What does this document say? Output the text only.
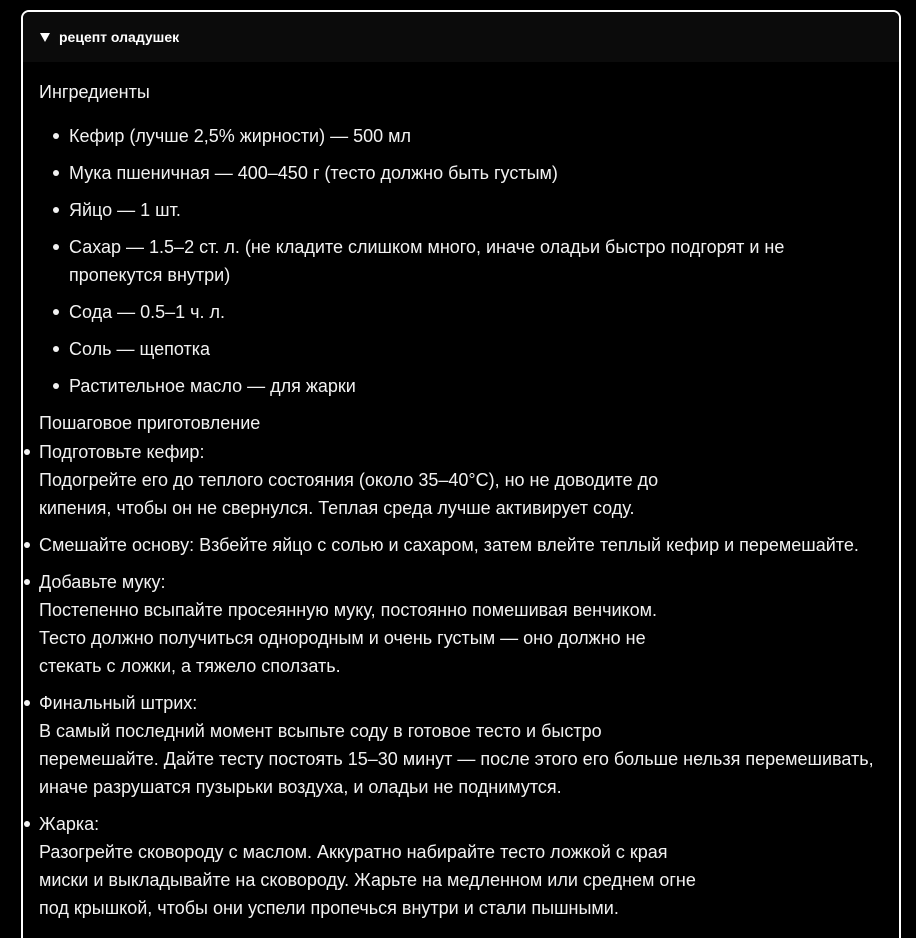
рецепт оладушек
Ингредиенты
Кефир (лучше 2,5% жирности) — 500 мл
Мука пшеничная — 400–450 г (тесто должно быть густым)
Яйцо — 1 шт.
Сахар — 1.5–2 ст. л. (не кладите слишком много, иначе оладьи быстро подгорят и не пропекутся внутри)
Сода — 0.5–1 ч. л.
Соль — щепотка
Растительное масло — для жарки
Пошаговое приготовление
Подготовьте кефир:
Подогрейте его до теплого состояния (около 35–40°C), но не доводите до
кипения, чтобы он не свернулся. Теплая среда лучше активирует соду.
Смешайте основу: Взбейте яйцо с солью и сахаром, затем влейте теплый кефир и перемешайте.
Добавьте муку:
Постепенно всыпайте просеянную муку, постоянно помешивая венчиком.
Тесто должно получиться однородным и очень густым — оно должно не
стекать с ложки, а тяжело сползать.
Финальный штрих:
В самый последний момент всыпьте соду в готовое тесто и быстро
перемешайте. Дайте тесту постоять 15–30 минут — после этого его больше нельзя перемешивать,
иначе разрушатся пузырьки воздуха, и оладьи не поднимутся.
Жарка:
Разогрейте сковороду с маслом. Аккуратно набирайте тесто ложкой с края
миски и выкладывайте на сковороду. Жарьте на медленном или среднем огне
под крышкой, чтобы они успели пропечься внутри и стали пышными.
